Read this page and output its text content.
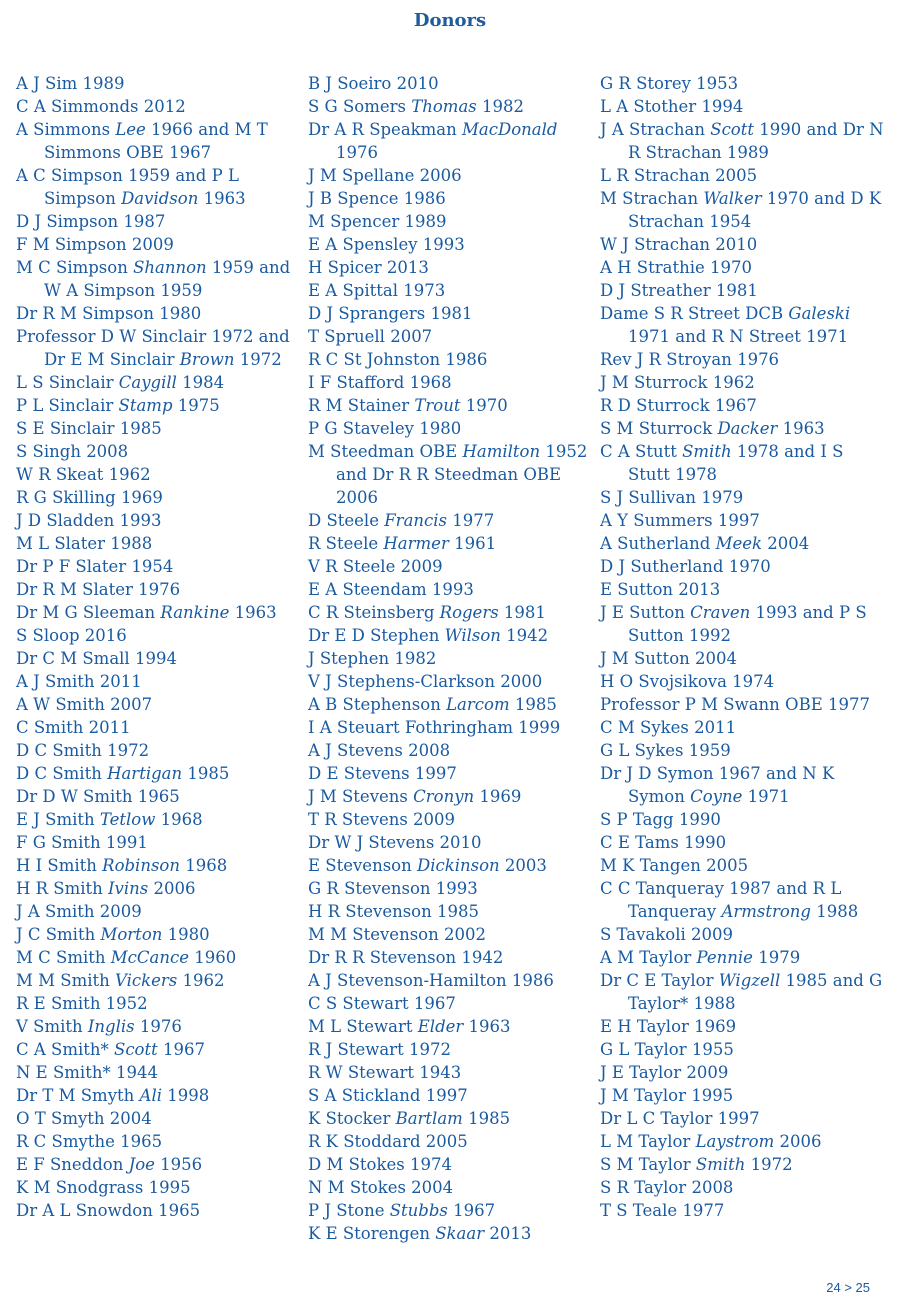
Donors
A J Sim 1989
C A Simmonds 2012
A Simmons Lee 1966 and M T Simmons OBE 1967
A C Simpson 1959 and P L Simpson Davidson 1963
D J Simpson 1987
F M Simpson 2009
M C Simpson Shannon 1959 and W A Simpson 1959
Dr R M Simpson 1980
Professor D W Sinclair 1972 and Dr E M Sinclair Brown 1972
L S Sinclair Caygill 1984
P L Sinclair Stamp 1975
S E Sinclair 1985
S Singh 2008
W R Skeat 1962
R G Skilling 1969
J D Sladden 1993
M L Slater 1988
Dr P F Slater 1954
Dr R M Slater 1976
Dr M G Sleeman Rankine 1963
S Sloop 2016
Dr C M Small 1994
A J Smith 2011
A W Smith 2007
C Smith 2011
D C Smith 1972
D C Smith Hartigan 1985
Dr D W Smith 1965
E J Smith Tetlow 1968
F G Smith 1991
H I Smith Robinson 1968
H R Smith Ivins 2006
J A Smith 2009
J C Smith Morton 1980
M C Smith McCance 1960
M M Smith Vickers 1962
R E Smith 1952
V Smith Inglis 1976
C A Smith* Scott 1967
N E Smith* 1944
Dr T M Smyth Ali 1998
O T Smyth 2004
R C Smythe 1965
E F Sneddon Joe 1956
K M Snodgrass 1995
Dr A L Snowdon 1965
B J Soeiro 2010
S G Somers Thomas 1982
Dr A R Speakman MacDonald 1976
J M Spellane 2006
J B Spence 1986
M Spencer 1989
E A Spensley 1993
H Spicer 2013
E A Spittal 1973
D J Sprangers 1981
T Spruell 2007
R C St Johnston 1986
I F Stafford 1968
R M Stainer Trout 1970
P G Staveley 1980
M Steedman OBE Hamilton 1952 and Dr R R Steedman OBE 2006
D Steele Francis 1977
R Steele Harmer 1961
V R Steele 2009
E A Steendam 1993
C R Steinsberg Rogers 1981
Dr E D Stephen Wilson 1942
J Stephen 1982
V J Stephens-Clarkson 2000
A B Stephenson Larcom 1985
I A Steuart Fothringham 1999
A J Stevens 2008
D E Stevens 1997
J M Stevens Cronyn 1969
T R Stevens 2009
Dr W J Stevens 2010
E Stevenson Dickinson 2003
G R Stevenson 1993
H R Stevenson 1985
M M Stevenson 2002
Dr R R Stevenson 1942
A J Stevenson-Hamilton 1986
C S Stewart 1967
M L Stewart Elder 1963
R J Stewart 1972
R W Stewart 1943
S A Stickland 1997
K Stocker Bartlam 1985
R K Stoddard 2005
D M Stokes 1974
N M Stokes 2004
P J Stone Stubbs 1967
K E Storengen Skaar 2013
G R Storey 1953
L A Stother 1994
J A Strachan Scott 1990 and Dr N R Strachan 1989
L R Strachan 2005
M Strachan Walker 1970 and D K Strachan 1954
W J Strachan 2010
A H Strathie 1970
D J Streather 1981
Dame S R Street DCB Galeski 1971 and R N Street 1971
Rev J R Stroyan 1976
J M Sturrock 1962
R D Sturrock 1967
S M Sturrock Dacker 1963
C A Stutt Smith 1978 and I S Stutt 1978
S J Sullivan 1979
A Y Summers 1997
A Sutherland Meek 2004
D J Sutherland 1970
E Sutton 2013
J E Sutton Craven 1993 and P S Sutton 1992
J M Sutton 2004
H O Svojsikova 1974
Professor P M Swann OBE 1977
C M Sykes 2011
G L Sykes 1959
Dr J D Symon 1967 and N K Symon Coyne 1971
S P Tagg 1990
C E Tams 1990
M K Tangen 2005
C C Tanqueray 1987 and R L Tanqueray Armstrong 1988
S Tavakoli 2009
A M Taylor Pennie 1979
Dr C E Taylor Wigzell 1985 and G Taylor* 1988
E H Taylor 1969
G L Taylor 1955
J E Taylor 2009
J M Taylor 1995
Dr L C Taylor 1997
L M Taylor Laystrom 2006
S M Taylor Smith 1972
S R Taylor 2008
T S Teale 1977
24 > 25
